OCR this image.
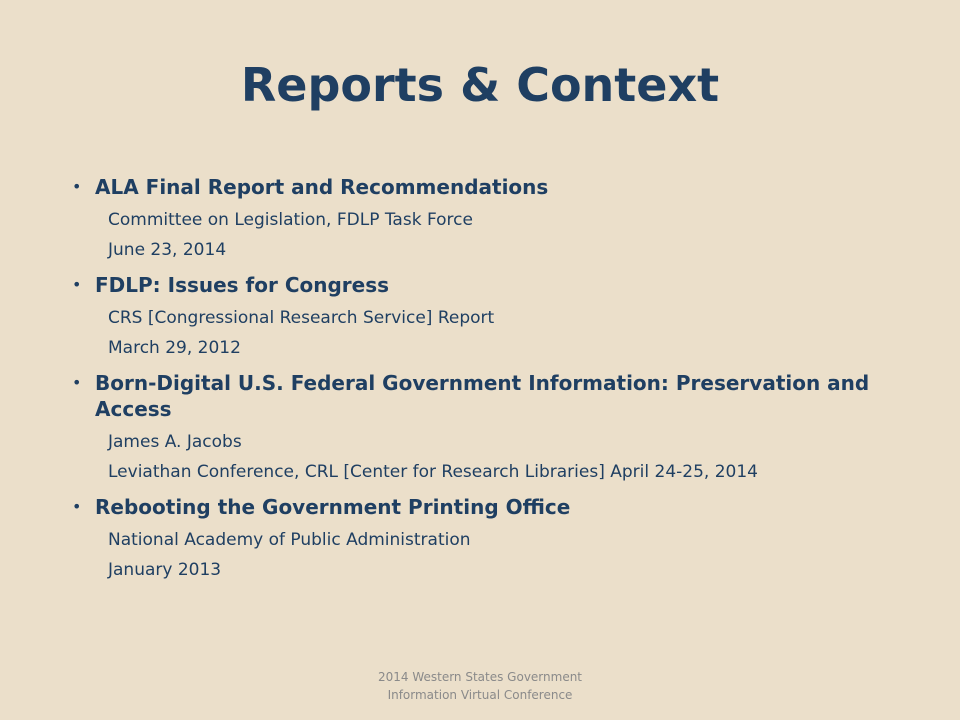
Reports & Context
• ALA Final Report and Recommendations
Committee on Legislation, FDLP Task Force
June 23, 2014
• FDLP: Issues for Congress
CRS [Congressional Research Service] Report
March 29, 2012
• Born-Digital U.S. Federal Government Information: Preservation and Access
James A. Jacobs
Leviathan Conference, CRL [Center for Research Libraries] April 24-25, 2014
• Rebooting the Government Printing Office
National Academy of Public Administration
January 2013
2014 Western States Government
Information Virtual Conference
